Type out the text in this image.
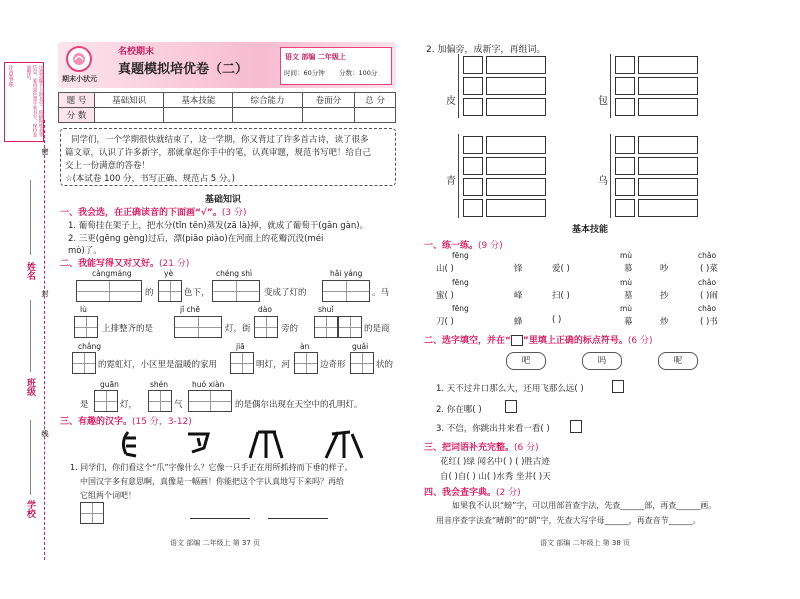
注意事项	注意答题卡上的名字、班级和姓名等信息，要用黑色签字笔书写，保持卷面整洁。
密
封
线
姓名
班级
学校
期末小状元
名校期末
真题模拟培优卷（二）
语文 部编 二年级上
时间：60分钟 分数：100分
题 号	基础知识	基本技能	综合能力	卷面分	总 分
分 数					
同学们，一个学期很快就结束了，这一学期，你又背过了许多首古诗，读了很多
篇文章，认识了许多新字，那就拿起你手中的笔，认真审题，规范书写吧！给自己
交上一份满意的答卷！
☆(本试卷 100 分，书写正确、规范占 5 分。)
基础知识
一、我会选，在正确读音的下面画“√”。(3 分)
1. 葡萄挂在架子上，把水分(tǐn tēn)蒸发(zā là)掉，就成了葡萄干(gān gàn)。
2. 三更(gēng gèng)过后，漂(piāo piào)在河面上的花瓣沉没(méi
mò)了。
二、我能写得又对又好。(21 分)
càngmáng
的
yè
色下，
chéng shì
变成了灯的
hǎi yáng
。马
lù
上排整齐的是
jǐ chē
灯，街
dào
旁的
shuǐ
的是商
chǎng
的霓虹灯，小区里是温暖的家用
jiā
明灯，河
àn
边奇形
guǎi
状的
是
guān
灯，
shén
气
huó xiàn
的是偶尔出现在天空中的孔明灯。
三、有趣的汉字。(15 分，3-12)
1. 同学们，你们看这个“爪”字像什么？它像一只手正在用所抓持而下垂的样子。
中国汉字多有意思啊，真像是一幅画！你能把这个字认真地写下来吗？再给
它组两个词吧！
语文 部编 二年级上 第 37 页
2. 加偏旁，成新字，再组词。
皮	包
青	乌
基本技能
一、练一练。(9 分)
fēng	mù	chǎo
山( )	锋	爱( )	慕	吵	( )菜
fēng	mù	chǎo
蜜( )	峰	扫( )	墓	抄	( )闹
fēng	mù	chāo
刀( )	蜂	( )	幕	炒	( )书
二、选字填空，并在“ ”里填上正确的标点符号。(6 分)
吧	吗	呢
1. 天不过井口那么大，还用飞那么远( )
2. 你在哪( )
3. 不信，你跳出井来看一看( )
三、把词语补充完整。(6 分)
花红( )绿 闻名中( ) ( )胜古迹
自( )自( ) 山( )水秀 坐井( )天
四、我会查字典。(2 分)
如果我不认识“螃”字，可以用部首查字法，先查______部，再查______画。
用音序查字法查“晴朗”的“朗”字，先查大写字母______，再查音节______。
语文 部编 二年级上 第 38 页
